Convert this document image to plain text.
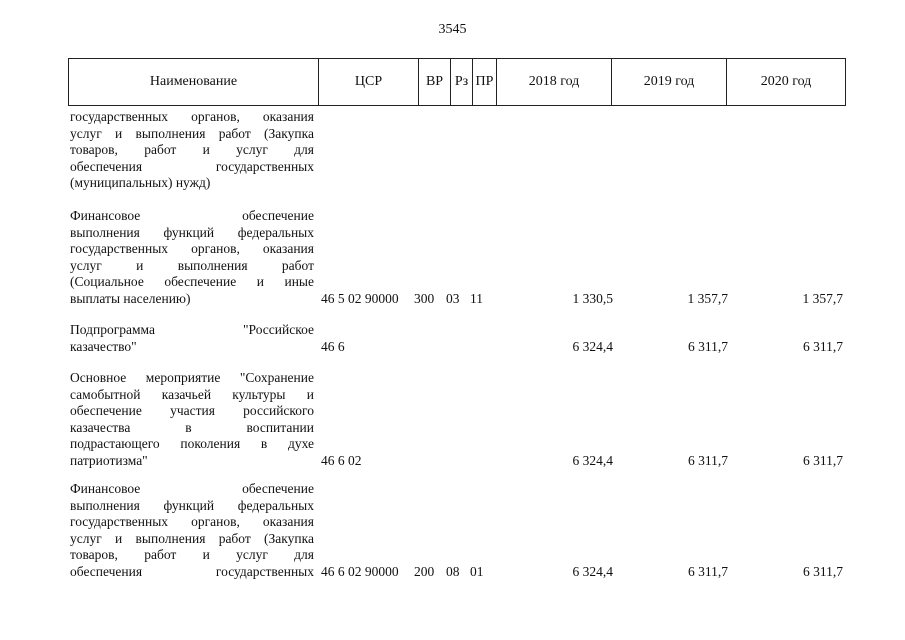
3545
Наименование	ЦСР	ВР Рз ПР	2018 год	2019 год	2020 год
государственных органов, оказания
услуг и выполнения работ (Закупка
товаров, работ и услуг для
обеспечения государственных
(муниципальных) нужд)
Финансовое обеспечение
выполнения функций федеральных
государственных органов, оказания
услуг и выполнения работ
(Социальное обеспечение и иные
выплаты населению)	46 5 02 90000 300 03 11	1 330,5	1 357,7	1 357,7
Подпрограмма "Российское
казачество"	46 6	6 324,4	6 311,7	6 311,7
Основное мероприятие "Сохранение
самобытной казачьей культуры и
обеспечение участия российского
казачества в воспитании
подрастающего поколения в духе
патриотизма"	46 6 02	6 324,4	6 311,7	6 311,7
Финансовое обеспечение
выполнения функций федеральных
государственных органов, оказания
услуг и выполнения работ (Закупка
товаров, работ и услуг для
обеспечения государственных 46 6 02 90000 200 08 01	6 324,4	6 311,7	6 311,7
